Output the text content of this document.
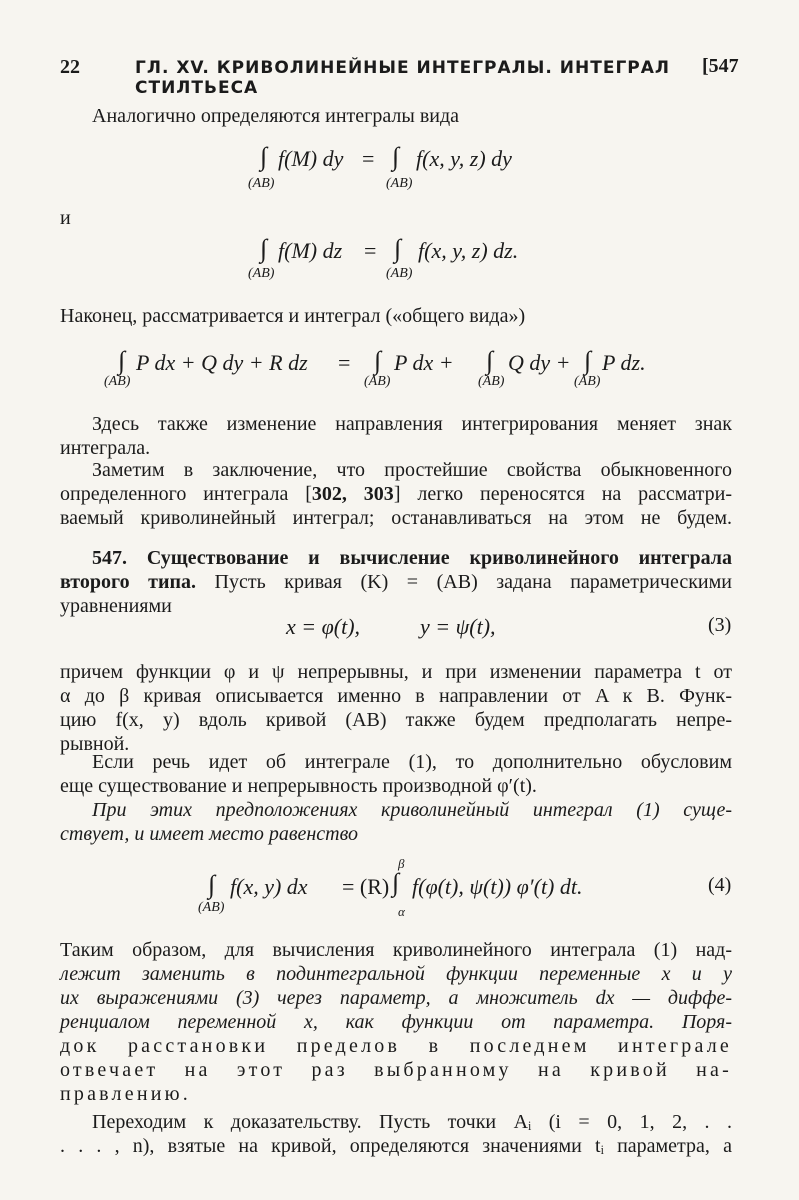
22	ГЛ. XV. КРИВОЛИНЕЙНЫЕ ИНТЕГРАЛЫ. ИНТЕГРАЛ СТИЛТЬЕСА
[547
Аналогично определяются интегралы вида
∫ f(M) dy = ∫ f(x, y, z) dy
(AB)	(AB)
и
∫ f(M) dz = ∫ f(x, y, z) dz.
(AB)	(AB)
Наконец, рассматривается и интеграл («общего вида»)
∫ P dx + Q dy + R dz = ∫ P dx + ∫ Q dy + ∫ P dz.
(AB)	(AB)	(AB)	(AB)
Здесь также изменение направления интегрирования меняет знак
интеграла.
Заметим в заключение, что простейшие свойства обыкновенного
определенного интеграла [302, 303] легко переносятся на рассматри-
ваемый криволинейный интеграл; останавливаться на этом не будем.
547. Существование и вычисление криволинейного интеграла
второго типа. Пусть кривая (K) = (AB) задана параметрическими
уравнениями
x = φ(t),	y = ψ(t),	(3)
причем функции φ и ψ непрерывны, и при изменении параметра t от
α до β кривая описывается именно в направлении от A к B. Функ-
цию f(x, y) вдоль кривой (AB) также будем предполагать непре-
рывной.
Если речь идет об интеграле (1), то дополнительно обусловим
еще существование и непрерывность производной φ′(t).
При этих предположениях криволинейный интеграл (1) суще-
ствует, и имеет место равенство
∫ f(x, y) dx = (R) ∫
β
α
f(φ(t), ψ(t)) φ′(t) dt.
(AB)
(4)
Таким образом, для вычисления криволинейного интеграла (1) над-
лежит заменить в подинтегральной функции переменные x и y
их выражениями (3) через параметр, а множитель dx — диффе-
ренциалом переменной x, как функции от параметра. Поря-
док расстановки пределов в последнем интеграле
отвечает на этот раз выбранному на кривой на-
правлению.
Переходим к доказательству. Пусть точки Aᵢ (i = 0, 1, 2, . .
. . . , n), взятые на кривой, определяются значениями tᵢ параметра, а
